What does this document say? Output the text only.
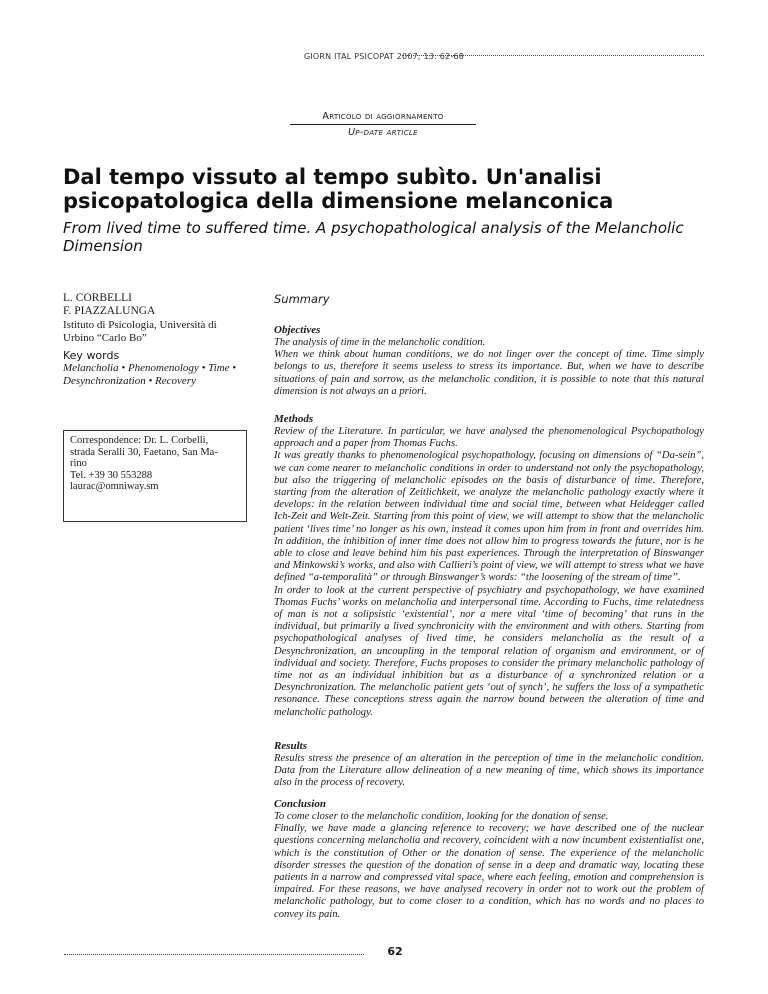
GIORN ITAL PSICOPAT 2007; 13: 62-68
Articolo di aggiornamento
Up-date article
Dal tempo vissuto al tempo subìto. Un'analisi psicopatologica della dimensione melanconica
From lived time to suffered time. A psychopathological analysis of the Melancholic Dimension
L. CORBELLI
F. PIAZZALUNGA
Istituto di Psicologia, Università di Urbino “Carlo Bo”
Key words
Melancholia • Phenomenology • Time • Desynchronization • Recovery
Correspondence: Dr. L. Corbelli,
strada Seralli 30, Faetano, San Ma-
rino
Tel. +39 30 553288
laurac@omniway.sm
Summary
Objectives

The analysis of time in the melancholic condition.

When we think about human conditions, we do not linger over the concept of time. Time simply belongs to us, therefore it seems useless to stress its importance. But, when we have to describe situations of pain and sorrow, as the melancholic condition, it is possible to note that this natural dimension is not always an a priori.

Methods

Review of the Literature. In particular, we have analysed the phenomenological Psychopathology approach and a paper from Thomas Fuchs.

It was greatly thanks to phenomenological psychopathology, focusing on dimensions of “Da-sein”, we can come nearer to melancholic conditions in order to understand not only the psychopathology, but also the triggering of melancholic episodes on the basis of disturbance of time. Therefore, starting from the alteration of Zeitlichkeit, we analyze the melancholic pathology exactly where it develops: in the relation between individual time and social time, between what Heidegger called Ich-Zeit and Welt-Zeit. Starting from this point of view, we will attempt to show that the melancholic patient ‘lives time’ no longer as his own, instead it comes upon him from in front and overrides him. In addition, the inhibition of inner time does not allow him to progress towards the future, nor is he able to close and leave behind him his past experiences. Through the interpretation of Binswanger and Minkowski’s works, and also with Callieri’s point of view, we will attempt to stress what we have defined “a-temporalità” or through Binswanger’s words: “the loosening of the stream of time”.

In order to look at the current perspective of psychiatry and psychopathology, we have examined Thomas Fuchs’ works on melancholia and interpersonal time. According to Fuchs, time relatedness of man is not a solipsistic ‘existential’, nor a mere vital ‘time of becoming’ that runs in the individual, but primarily a lived synchronicity with the environment and with others. Starting from psychopathological analyses of lived time, he considers melancholia as the result of a Desynchronization, an uncoupling in the temporal relation of organism and environment, or of individual and society. Therefore, Fuchs proposes to consider the primary melancholic pathology of time not as an individual inhibition but as a disturbance of a synchronized relation or a Desynchronization. The melancholic patient gets ‘out of synch’, he suffers the loss of a sympathetic resonance. These conceptions stress again the narrow bound between the alteration of time and melancholic pathology.

Results

Results stress the presence of an alteration in the perception of time in the melancholic condition. Data from the Literature allow delineation of a new meaning of time, which shows its importance also in the process of recovery.

Conclusion

To come closer to the melancholic condition, looking for the donation of sense.

Finally, we have made a glancing reference to recovery; we have described one of the nuclear questions concerning melancholia and recovery, coincident with a now incumbent existentialist one, which is the constitution of Other or the donation of sense. The experience of the melancholic disorder stresses the question of the donation of sense in a deep and dramatic way, locating these patients in a narrow and compressed vital space, where each feeling, emotion and comprehension is impaired. For these reasons, we have analysed recovery in order not to work out the problem of melancholic pathology, but to come closer to a condition, which has no words and no places to convey its pain.

62
